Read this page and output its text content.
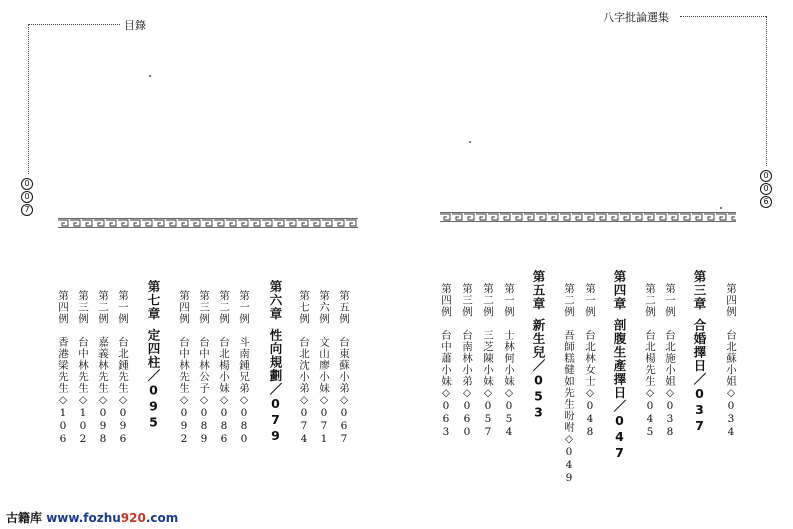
目錄
0
0
7
八字批論選集
0
0
6
第五例台東蘇小弟◇067
第六例文山廖小妹◇071
第七例台北沈小弟◇074
第六章性向規劃／079
第一例斗南鍾兄弟◇080
第二例台北楊小妹◇086
第三例台中林公子◇089
第四例台中林先生◇092
第七章定四柱／095
第一例台北鍾先生◇096
第二例嘉義林先生◇098
第三例台中林先生◇102
第四例香港梁先生◇106
第四例台北蘇小姐◇034
第三章合婚擇日／037
第一例台北施小姐◇038
第二例台北楊先生◇045
第四章剖腹生產擇日／047
第一例台北林女士◇048
第二例吾師糕健如先生吩咐◇049
第五章新生兒／053
第一例士林何小妹◇054
第二例三芝陳小妹◇057
第三例台南林小弟◇060
第四例台中蕭小妹◇063
古籍库 www.fozhu920.com
